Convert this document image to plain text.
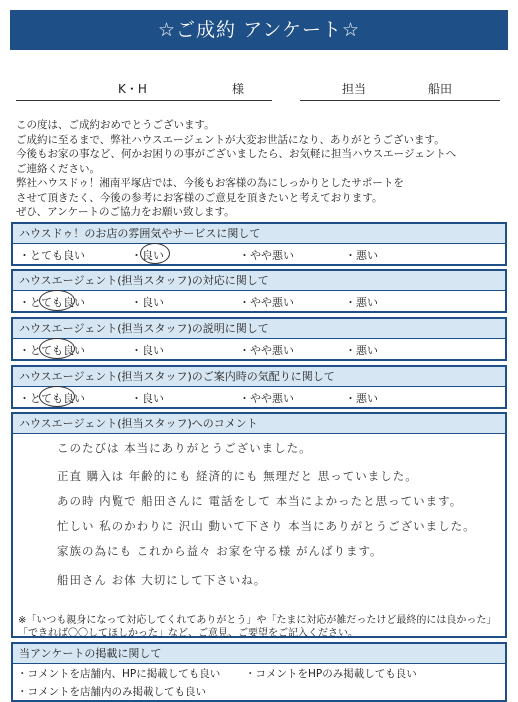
☆ご成約 アンケート☆
K・H	様	担当	船田
この度は、ご成約おめでとうございます。
ご成約に至るまで、弊社ハウスエージェントが大変お世話になり、ありがとうございます。
今後もお家の事など、何かお困りの事がございましたら、お気軽に担当ハウスエージェントへ
ご連絡ください。
弊社ハウスドゥ！湘南平塚店では、今後もお客様の為にしっかりとしたサポートを
させて頂きたく、今後の参考にお客様のご意見を頂きたいと考えております。
ぜひ、アンケートのご協力をお願い致します。
ハウスドゥ！のお店の雰囲気やサービスに関して
・とても良い	・良い	・やや悪い	・悪い
ハウスエージェント(担当スタッフ)の対応に関して
・とても良い	・良い	・やや悪い	・悪い
ハウスエージェント(担当スタッフ)の説明に関して
・とても良い	・良い	・やや悪い	・悪い
ハウスエージェント(担当スタッフ)のご案内時の気配りに関して
・とても良い	・良い	・やや悪い	・悪い
ハウスエージェント(担当スタッフ)へのコメント
このたびは 本当にありがとうございました。
正直 購入は 年齢的にも 経済的にも 無理だと 思っていました。
あの時 内覧で 船田さんに 電話をして 本当によかったと思っています。
忙しい 私のかわりに 沢山 動いて下さり 本当にありがとうございました。
家族の為にも これから益々 お家を守る様 がんばります。
船田さん お体 大切にして下さいね。
※「いつも親身になって対応してくれてありがとう」や「たまに対応が雑だったけど最終的には良かった」
「できれば〇〇してほしかった」など、ご意見、ご要望をご記入ください。
当アンケートの掲載に関して
・コメントを店舗内、HPに掲載しても良い ・コメントをHPのみ掲載しても良い
・コメントを店舗内のみ掲載しても良い
